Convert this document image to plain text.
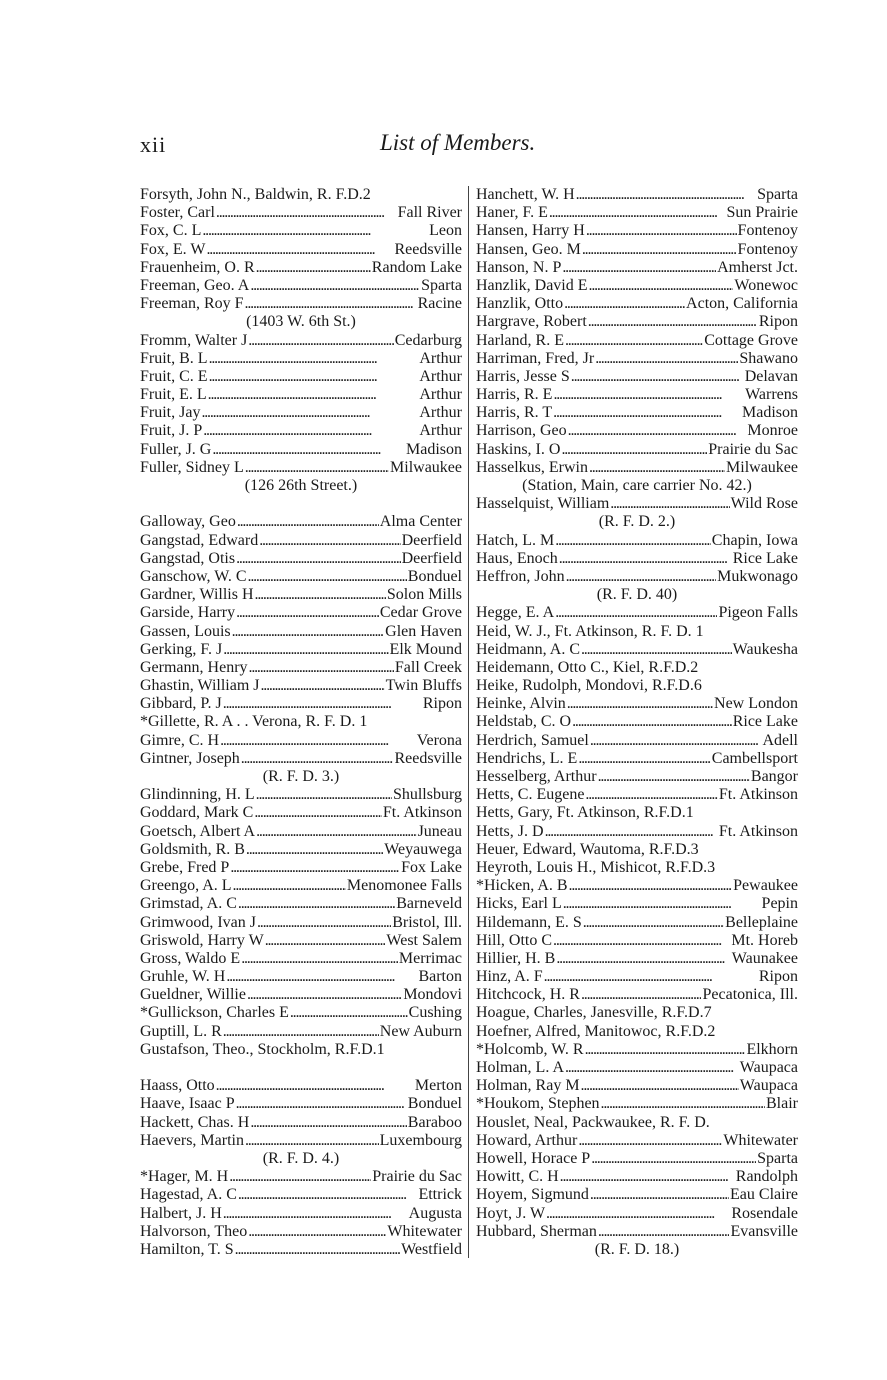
xii	List of Members.
Forsyth, John N., Baldwin, R. F.D.2
Foster, Carl . . .	Fall River
Fox, C. L . . .	Leon
Fox, E. W . . .	Reedsville
Frauenheim, O. R . . .	Random Lake
Freeman, Geo. A . . .	Sparta
Freeman, Roy F . . .	Racine
(1403 W. 6th St.)
Fromm, Walter J . . .	Cedarburg
Fruit, B. L . . .	Arthur
Fruit, C. E . . .	Arthur
Fruit, E. L . . .	Arthur
Fruit, Jay . . .	Arthur
Fruit, J. P . . .	Arthur
Fuller, J. G . . .	Madison
Fuller, Sidney L . . .	Milwaukee
(126 26th Street.)
Galloway, Geo . . .	Alma Center
Gangstad, Edward . . .	Deerfield
Gangstad, Otis . . .	Deerfield
Ganschow, W. C . . .	Bonduel
Gardner, Willis H . . .	Solon Mills
Garside, Harry . . .	Cedar Grove
Gassen, Louis . . .	Glen Haven
Gerking, F. J . . .	Elk Mound
Germann, Henry . . .	Fall Creek
Ghastin, William J . . .	Twin Bluffs
Gibbard, P. J . . .	Ripon
*Gillette, R. A . . Verona, R. F. D. 1
Gimre, C. H . . .	Verona
Gintner, Joseph . . .	Reedsville
(R. F. D. 3.)
Glindinning, H. L . . .	Shullsburg
Goddard, Mark C . . .	Ft. Atkinson
Goetsch, Albert A . . .	Juneau
Goldsmith, R. B . . .	Weyauwega
Grebe, Fred P . . .	Fox Lake
Greengo, A. L . . .	Menomonee Falls
Grimstad, A. C . . .	Barneveld
Grimwood, Ivan J . . .	Bristol, Ill.
Griswold, Harry W . . .	West Salem
Gross, Waldo E . . .	Merrimac
Gruhle, W. H . . .	Barton
Gueldner, Willie . . .	Mondovi
*Gullickson, Charles E . . .	Cushing
Guptill, L. R . . .	New Auburn
Gustafson, Theo., Stockholm, R.F.D.1
Haass, Otto . . .	Merton
Haave, Isaac P . . .	Bonduel
Hackett, Chas. H . . .	Baraboo
Haevers, Martin . . .	Luxembourg
(R. F. D. 4.)
*Hager, M. H . . .	Prairie du Sac
Hagestad, A. C . . .	Ettrick
Halbert, J. H . . .	Augusta
Halvorson, Theo . . .	Whitewater
Hamilton, T. S . . .	Westfield
Hanchett, W. H . . .	Sparta
Haner, F. E . . .	Sun Prairie
Hansen, Harry H . . .	Fontenoy
Hansen, Geo. M . . .	Fontenoy
Hanson, N. P . . .	Amherst Jct.
Hanzlik, David E . . .	Wonewoc
Hanzlik, Otto . . .	Acton, California
Hargrave, Robert . . .	Ripon
Harland, R. E . . .	Cottage Grove
Harriman, Fred, Jr . . .	Shawano
Harris, Jesse S . . .	Delavan
Harris, R. E . . .	Warrens
Harris, R. T . . .	Madison
Harrison, Geo . . .	Monroe
Haskins, I. O . . .	Prairie du Sac
Hasselkus, Erwin . . .	Milwaukee
(Station, Main, care carrier No. 42.)
Hasselquist, William . . .	Wild Rose
(R. F. D. 2.)
Hatch, L. M . . .	Chapin, Iowa
Haus, Enoch . . .	Rice Lake
Heffron, John . . .	Mukwonago
(R. F. D. 40)
Hegge, E. A . . .	Pigeon Falls
Heid, W. J., Ft. Atkinson, R. F. D. 1
Heidmann, A. C . . .	Waukesha
Heidemann, Otto C., Kiel, R.F.D.2
Heike, Rudolph, Mondovi, R.F.D.6
Heinke, Alvin . . .	New London
Heldstab, C. O . . .	Rice Lake
Herdrich, Samuel . . .	Adell
Hendrichs, L. E . . .	Cambellsport
Hesselberg, Arthur . . .	Bangor
Hetts, C. Eugene . . .	Ft. Atkinson
Hetts, Gary, Ft. Atkinson, R.F.D.1
Hetts, J. D . . .	Ft. Atkinson
Heuer, Edward, Wautoma, R.F.D.3
Heyroth, Louis H., Mishicot, R.F.D.3
*Hicken, A. B . . .	Pewaukee
Hicks, Earl L . . .	Pepin
Hildemann, E. S . . .	Belleplaine
Hill, Otto C . . .	Mt. Horeb
Hillier, H. B . . .	Waunakee
Hinz, A. F . . .	Ripon
Hitchcock, H. R . . .	Pecatonica, Ill.
Hoague, Charles, Janesville, R.F.D.7
Hoefner, Alfred, Manitowoc, R.F.D.2
*Holcomb, W. R . . .	Elkhorn
Holman, L. A . . .	Waupaca
Holman, Ray M . . .	Waupaca
*Houkom, Stephen . . .	Blair
Houslet, Neal, Packwaukee, R. F. D.
Howard, Arthur . . .	Whitewater
Howell, Horace P . . .	Sparta
Howitt, C. H . . .	Randolph
Hoyem, Sigmund . . .	Eau Claire
Hoyt, J. W . . .	Rosendale
Hubbard, Sherman . . .	Evansville
(R. F. D. 18.)
